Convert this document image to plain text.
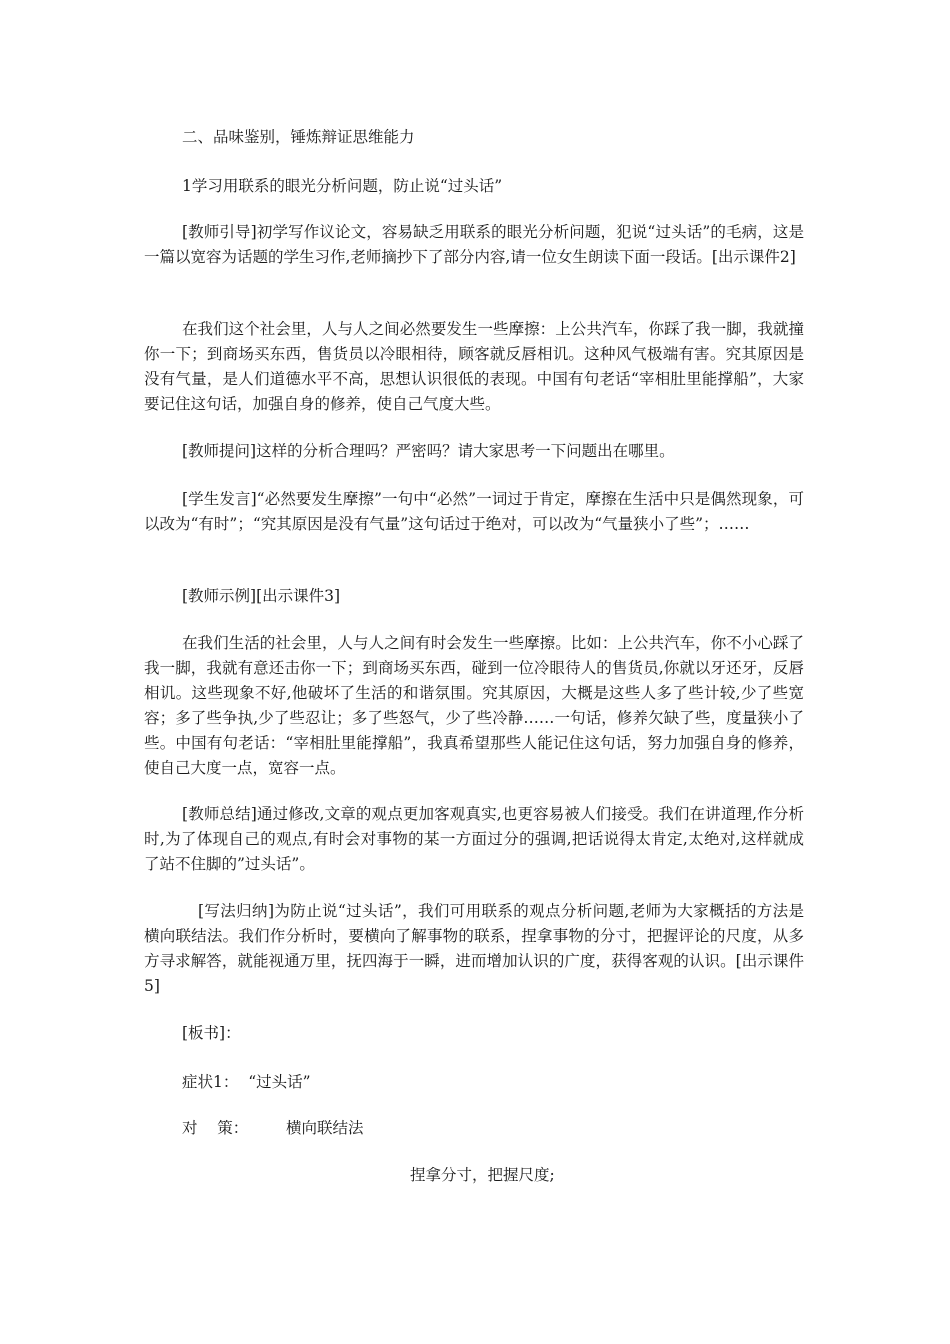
二、品味鉴别，锤炼辩证思维能力

1学习用联系的眼光分析问题，防止说“过头话”

[教师引导]初学写作议论文，容易缺乏用联系的眼光分析问题，犯说“过头话”的毛病，这是一篇以宽容为话题的学生习作,老师摘抄下了部分内容,请一位女生朗读下面一段话。[出示课件2]

在我们这个社会里，人与人之间必然要发生一些摩擦：上公共汽车，你踩了我一脚，我就撞你一下；到商场买东西，售货员以冷眼相待，顾客就反唇相讥。这种风气极端有害。究其原因是没有气量，是人们道德水平不高，思想认识很低的表现。中国有句老话“宰相肚里能撑船”，大家要记住这句话，加强自身的修养，使自己气度大些。

[教师提问]这样的分析合理吗？严密吗？请大家思考一下问题出在哪里。

[学生发言]“必然要发生摩擦”一句中“必然”一词过于肯定，摩擦在生活中只是偶然现象，可以改为“有时”；“究其原因是没有气量”这句话过于绝对，可以改为“气量狭小了些”；……

[教师示例][出示课件3]

在我们生活的社会里，人与人之间有时会发生一些摩擦。比如：上公共汽车，你不小心踩了我一脚，我就有意还击你一下；到商场买东西，碰到一位冷眼待人的售货员,你就以牙还牙，反唇相讥。这些现象不好,他破坏了生活的和谐氛围。究其原因，大概是这些人多了些计较,少了些宽容；多了些争执,少了些忍让；多了些怒气，少了些冷静……一句话，修养欠缺了些，度量狭小了些。中国有句老话：“宰相肚里能撑船”，我真希望那些人能记住这句话，努力加强自身的修养，使自己大度一点，宽容一点。

[教师总结]通过修改,文章的观点更加客观真实,也更容易被人们接受。我们在讲道理,作分析时,为了体现自己的观点,有时会对事物的某一方面过分的强调,把话说得太肯定,太绝对,这样就成了站不住脚的”过头话”。

[写法归纳]为防止说“过头话”，我们可用联系的观点分析问题,老师为大家概括的方法是横向联结法。我们作分析时，要横向了解事物的联系，捏拿事物的分寸，把握评论的尺度，从多方寻求解答，就能视通万里，抚四海于一瞬，进而增加认识的广度，获得客观的认识。[出示课件5]

[板书]：

症状1：  “过头话”

对    策： 横向联结法
捏拿分寸，把握尺度;
